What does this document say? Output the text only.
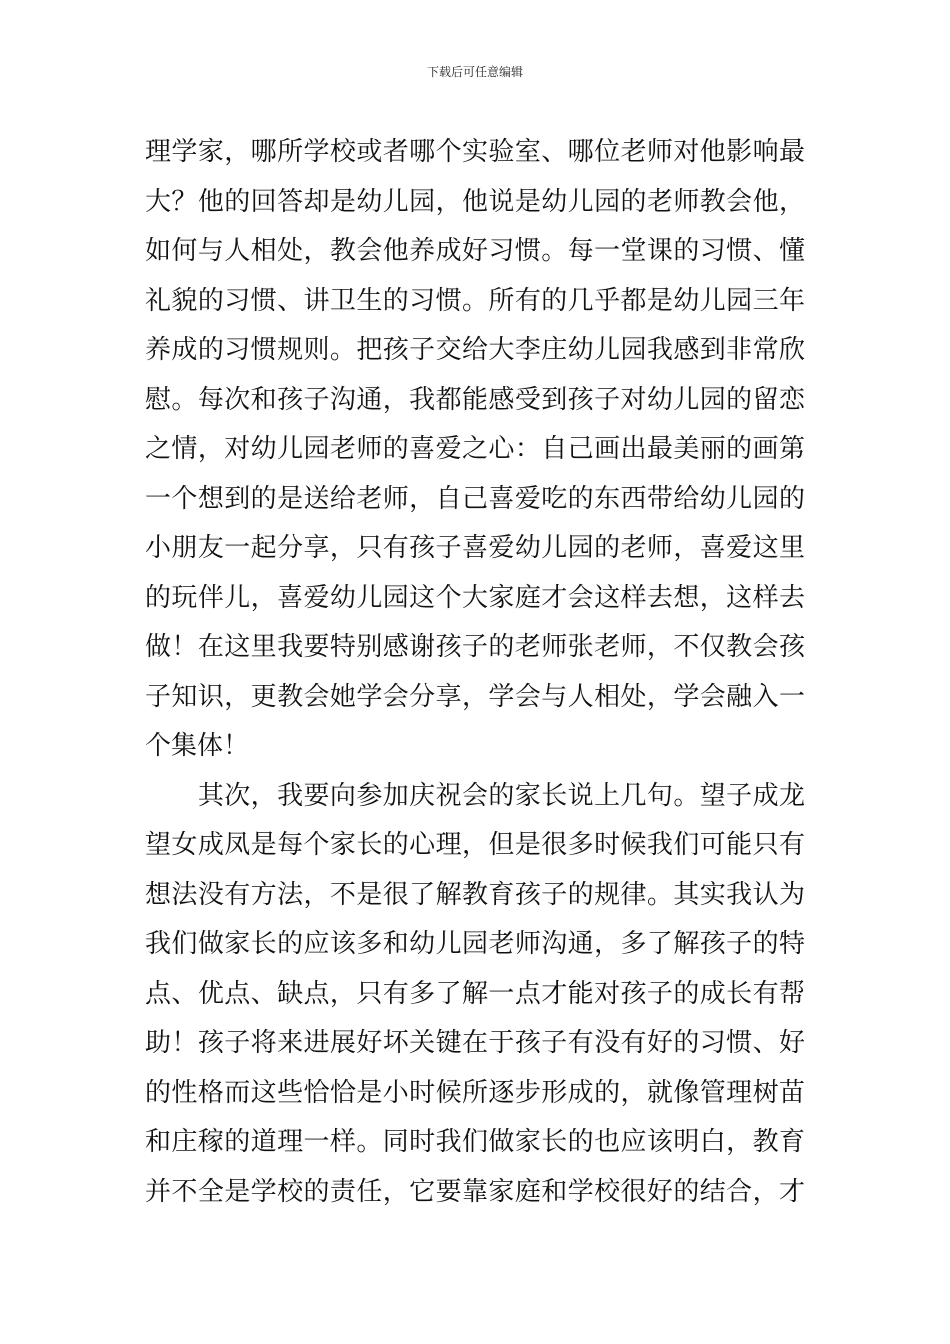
下载后可任意编辑
理学家，哪所学校或者哪个实验室、哪位老师对他影响最
大？他的回答却是幼儿园，他说是幼儿园的老师教会他，
如何与人相处，教会他养成好习惯。每一堂课的习惯、懂
礼貌的习惯、讲卫生的习惯。所有的几乎都是幼儿园三年
养成的习惯规则。把孩子交给大李庄幼儿园我感到非常欣
慰。每次和孩子沟通，我都能感受到孩子对幼儿园的留恋
之情，对幼儿园老师的喜爱之心：自己画出最美丽的画第
一个想到的是送给老师，自己喜爱吃的东西带给幼儿园的
小朋友一起分享，只有孩子喜爱幼儿园的老师，喜爱这里
的玩伴儿，喜爱幼儿园这个大家庭才会这样去想，这样去
做！在这里我要特别感谢孩子的老师张老师，不仅教会孩
子知识，更教会她学会分享，学会与人相处，学会融入一
个集体！
　　其次，我要向参加庆祝会的家长说上几句。望子成龙
望女成凤是每个家长的心理，但是很多时候我们可能只有
想法没有方法，不是很了解教育孩子的规律。其实我认为
我们做家长的应该多和幼儿园老师沟通，多了解孩子的特
点、优点、缺点，只有多了解一点才能对孩子的成长有帮
助！孩子将来进展好坏关键在于孩子有没有好的习惯、好
的性格而这些恰恰是小时候所逐步形成的，就像管理树苗
和庄稼的道理一样。同时我们做家长的也应该明白，教育
并不全是学校的责任，它要靠家庭和学校很好的结合，才
